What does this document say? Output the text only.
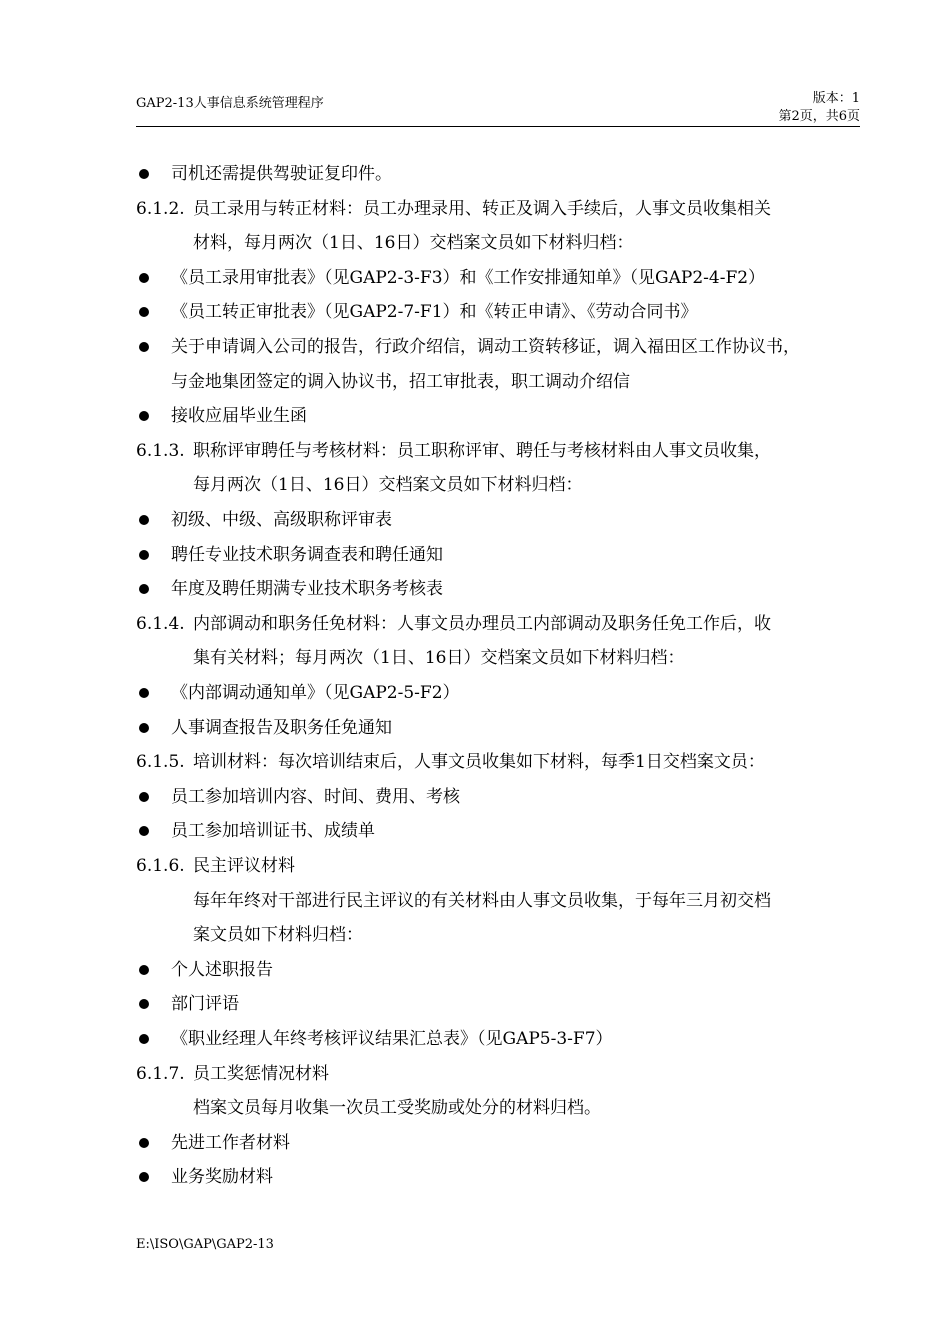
GAP2-13人事信息系统管理程序	版本：1
第2页，共6页
司机还需提供驾驶证复印件。
6.1.2. 员工录用与转正材料：员工办理录用、转正及调入手续后，人事文员收集相关
材料，每月两次（1日、16日）交档案文员如下材料归档：
《员工录用审批表》（见GAP2-3-F3）和《工作安排通知单》（见GAP2-4-F2）
《员工转正审批表》（见GAP2-7-F1）和《转正申请》、《劳动合同书》
关于申请调入公司的报告，行政介绍信，调动工资转移证，调入福田区工作协议书，
与金地集团签定的调入协议书，招工审批表，职工调动介绍信
接收应届毕业生函
6.1.3. 职称评审聘任与考核材料：员工职称评审、聘任与考核材料由人事文员收集，
每月两次（1日、16日）交档案文员如下材料归档：
初级、中级、高级职称评审表
聘任专业技术职务调查表和聘任通知
年度及聘任期满专业技术职务考核表
6.1.4. 内部调动和职务任免材料：人事文员办理员工内部调动及职务任免工作后，收
集有关材料；每月两次（1日、16日）交档案文员如下材料归档：
《内部调动通知单》（见GAP2-5-F2）
人事调查报告及职务任免通知
6.1.5. 培训材料：每次培训结束后，人事文员收集如下材料，每季1日交档案文员：
员工参加培训内容、时间、费用、考核
员工参加培训证书、成绩单
6.1.6. 民主评议材料
每年年终对干部进行民主评议的有关材料由人事文员收集，于每年三月初交档
案文员如下材料归档：
个人述职报告
部门评语
《职业经理人年终考核评议结果汇总表》（见GAP5-3-F7）
6.1.7. 员工奖惩情况材料
档案文员每月收集一次员工受奖励或处分的材料归档。
先进工作者材料
业务奖励材料
E:\ISO\GAP\GAP2-13
